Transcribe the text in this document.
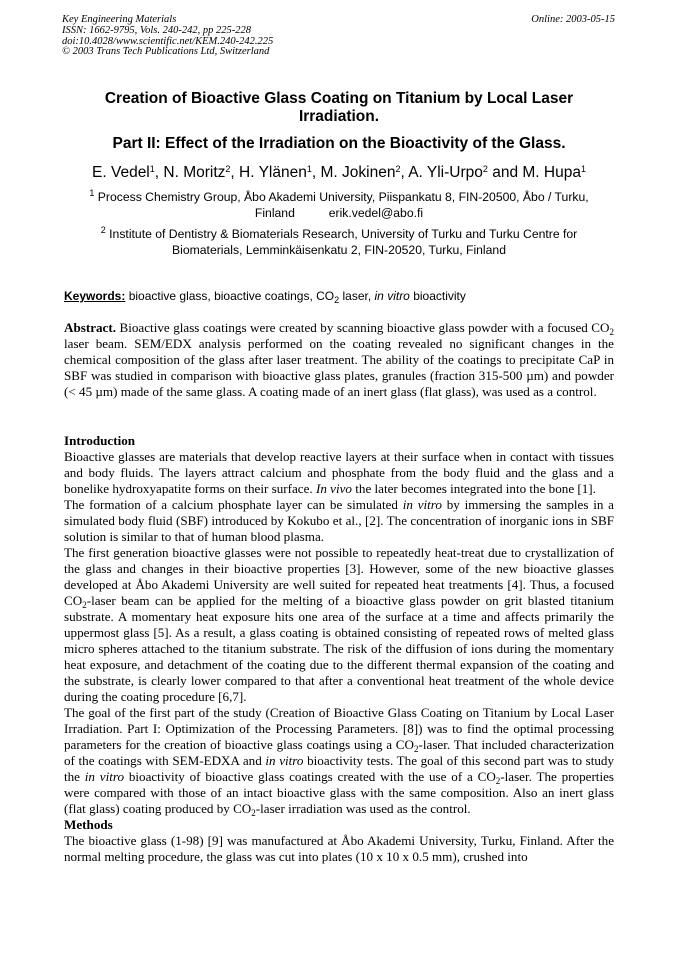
Key Engineering Materials
ISSN: 1662-9795, Vols. 240-242, pp 225-228
doi:10.4028/www.scientific.net/KEM.240-242.225
© 2003 Trans Tech Publications Ltd, Switzerland
Online: 2003-05-15
Creation of Bioactive Glass Coating on Titanium by Local Laser Irradiation.
Part II: Effect of the Irradiation on the Bioactivity of the Glass.
E. Vedel$^1$, N. Moritz$^2$, H. Ylänen$^1$, M. Jokinen$^2$, A. Yli-Urpo$^2$ and M. Hupa$^1$
$^1$ Process Chemistry Group, Åbo Akademi University, Piispankatu 8, FIN-20500, Åbo / Turku, Finland	erik.vedel@abo.fi
$^2$ Institute of Dentistry & Biomaterials Research, University of Turku and Turku Centre for Biomaterials, Lemminkäisenkatu 2, FIN-20520, Turku, Finland
Keywords: bioactive glass, bioactive coatings, $CO_2$ laser, in vitro bioactivity

Abstract. Bioactive glass coatings were created by scanning bioactive glass powder with a focused $CO_2$ laser beam. SEM/EDX analysis performed on the coating revealed no significant changes in the chemical composition of the glass after laser treatment. The ability of the coatings to precipitate CaP in SBF was studied in comparison with bioactive glass plates, granules (fraction 315-500 µm) and powder (< 45 µm) made of the same glass. A coating made of an inert glass (flat glass), was used as a control.

Introduction

Bioactive glasses are materials that develop reactive layers at their surface when in contact with tissues and body fluids. The layers attract calcium and phosphate from the body fluid and the glass and a bonelike hydroxyapatite forms on their surface. In vivo the later becomes integrated into the bone [1].

The formation of a calcium phosphate layer can be simulated in vitro by immersing the samples in a simulated body fluid (SBF) introduced by Kokubo et al., [2]. The concentration of inorganic ions in SBF solution is similar to that of human blood plasma.

The first generation bioactive glasses were not possible to repeatedly heat-treat due to crystallization of the glass and changes in their bioactive properties [3]. However, some of the new bioactive glasses developed at Åbo Akademi University are well suited for repeated heat treatments [4]. Thus, a focused $CO_2$-laser beam can be applied for the melting of a bioactive glass powder on grit blasted titanium substrate. A momentary heat exposure hits one area of the surface at a time and affects primarily the uppermost glass [5]. As a result, a glass coating is obtained consisting of repeated rows of melted glass micro spheres attached to the titanium substrate. The risk of the diffusion of ions during the momentary heat exposure, and detachment of the coating due to the different thermal expansion of the coating and the substrate, is clearly lower compared to that after a conventional heat treatment of the whole device during the coating procedure [6,7].

The goal of the first part of the study (Creation of Bioactive Glass Coating on Titanium by Local Laser Irradiation. Part I: Optimization of the Processing Parameters. [8]) was to find the optimal processing parameters for the creation of bioactive glass coatings using a $CO_2$-laser. That included characterization of the coatings with SEM-EDXA and in vitro bioactivity tests. The goal of this second part was to study the in vitro bioactivity of bioactive glass coatings created with the use of a $CO_2$-laser. The properties were compared with those of an intact bioactive glass with the same composition. Also an inert glass (flat glass) coating produced by $CO_2$-laser irradiation was used as the control.

Methods

The bioactive glass (1-98) [9] was manufactured at Åbo Akademi University, Turku, Finland. After the normal melting procedure, the glass was cut into plates (10 x 10 x 0.5 mm), crushed into
